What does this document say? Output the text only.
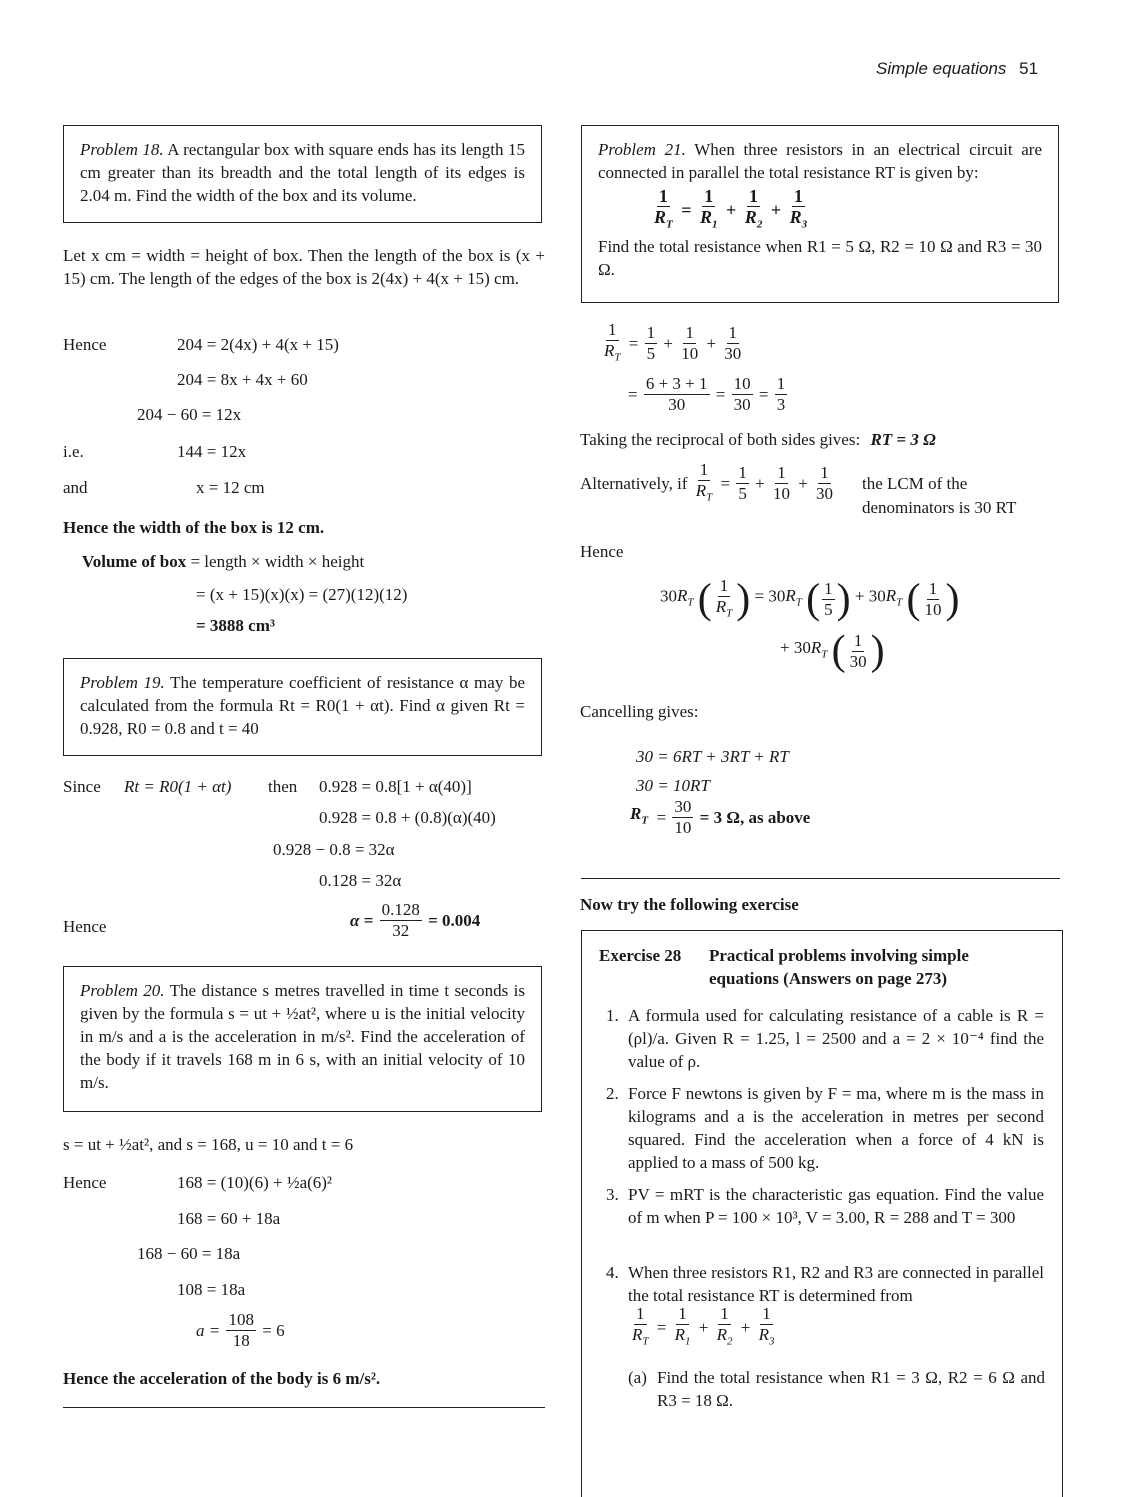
Simple equations 51
Problem 18. A rectangular box with square ends has its length 15 cm greater than its breadth and the total length of its edges is 2.04 m. Find the width of the box and its volume.
Let x cm = width = height of box. Then the length of the box is (x + 15) cm. The length of the edges of the box is 2(4x) + 4(x + 15) cm.
Hence	204 = 2(4x) + 4(x + 15)
204 = 8x + 4x + 60
204 − 60 = 12x
i.e.	144 = 12x
and	x = 12 cm
Hence the width of the box is 12 cm.
Volume of box = length × width × height
= (x + 15)(x)(x) = (27)(12)(12)
= 3888 cm³
Problem 19. The temperature coefficient of resistance α may be calculated from the formula Rt = R0(1 + αt). Find α given Rt = 0.928, R0 = 0.8 and t = 40
Since Rt = R0(1 + αt) then 0.928 = 0.8[1 + α(40)]
0.928 = 0.8 + (0.8)(α)(40)
0.928 − 0.8 = 32α
0.128 = 32α
Hence	$\alpha = \frac{0.128}{32} = 0.004$
Problem 20. The distance s metres travelled in time t seconds is given by the formula s = ut + ½at², where u is the initial velocity in m/s and a is the acceleration in m/s². Find the acceleration of the body if it travels 168 m in 6 s, with an initial velocity of 10 m/s.
s = ut + ½at², and s = 168, u = 10 and t = 6
Hence	168 = (10)(6) + ½a(6)²
168 = 60 + 18a
168 − 60 = 18a
108 = 18a
$a = \frac{108}{18} = 6$
Hence the acceleration of the body is 6 m/s².
Problem 21. When three resistors in an electrical circuit are connected in parallel the total resistance RT is given by:
$\frac{1}{R_T} = \frac{1}{R_1} + \frac{1}{R_2} + \frac{1}{R_3}$
Find the total resistance when R1 = 5 Ω, R2 = 10 Ω and R3 = 30 Ω.
$\frac{1}{R_T} = \frac{1}{5} + \frac{1}{10} + \frac{1}{30}$
= $\frac{6 + 3 + 1}{30} = \frac{10}{30} = \frac{1}{3}$
Taking the reciprocal of both sides gives: RT = 3 Ω
Alternatively, if $\frac{1}{R_T} = \frac{1}{5} + \frac{1}{10} + \frac{1}{30}$ the LCM of the denominators is 30 RT
Hence
$30R_T$ ( $\frac{1}{R_T}$ ) = $30R_T$ ( $\frac{1}{5}$ ) + $30R_T$ ( $\frac{1}{10}$ )
+ $30R_T$ ( $\frac{1}{30}$ )
Cancelling gives:
30 = 6RT + 3RT + RT
30 = 10RT
$R_T = \frac{30}{10} = 3$ Ω, as above
Now try the following exercise
Exercise 28 Practical problems involving simple equations (Answers on page 273)
1. A formula used for calculating resistance of a cable is R = (ρl)/a. Given R = 1.25, l = 2500 and a = 2 × 10⁻⁴ find the value of ρ.
2. Force F newtons is given by F = ma, where m is the mass in kilograms and a is the acceleration in metres per second squared. Find the acceleration when a force of 4 kN is applied to a mass of 500 kg.
3. PV = mRT is the characteristic gas equation. Find the value of m when P = 100 × 10³, V = 3.00, R = 288 and T = 300
4. When three resistors R1, R2 and R3 are connected in parallel the total resistance RT is determined from
$\frac{1}{R_T} = \frac{1}{R_1} + \frac{1}{R_2} + \frac{1}{R_3}$
(a) Find the total resistance when R1 = 3 Ω, R2 = 6 Ω and R3 = 18 Ω.
